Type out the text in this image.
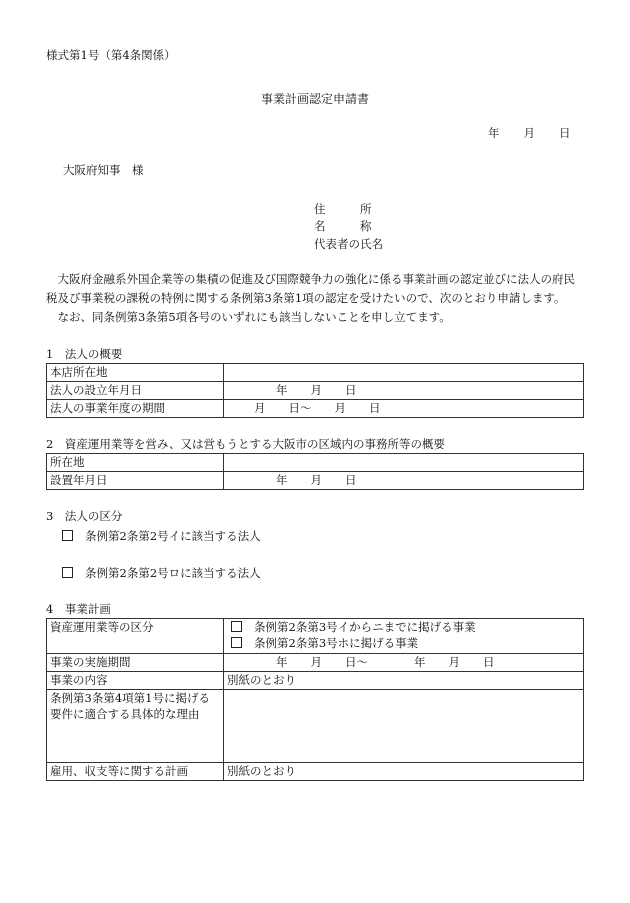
様式第1号（第4条関係）
事業計画認定申請書
年 月 日
大阪府知事　様
住　　　所
名　　　称
代表者の氏名

大阪府金融系外国企業等の集積の促進及び国際競争力の強化に係る事業計画の認定並びに法人の府民税及び事業税の課税の特例に関する条例第3条第1項の認定を受けたいので、次のとおり申請します。

なお、同条例第3条第5項各号のいずれにも該当しないことを申し立てます。

1　法人の概要
本店所在地	
法人の設立年月日	年　　月　　日
法人の事業年度の期間	月　　日～　　月　　日
2　資産運用業等を営み、又は営もうとする大阪市の区域内の事務所等の概要
所在地	
設置年月日	年　　月　　日
3　法人の区分
条例第2条第2号イに該当する法人
条例第2条第2号ロに該当する法人
4　事業計画
資産運用業等の区分	条例第2条第3号イからニまでに掲げる事業
条例第2条第3号ホに掲げる事業

事業の実施期間	年　　月　　日～　　　　年　　月　　日
事業の内容	別紙のとおり

条例第3条第4項第1号に掲げる
要件に適合する具体的な理由	

雇用、収支等に関する計画	別紙のとおり
